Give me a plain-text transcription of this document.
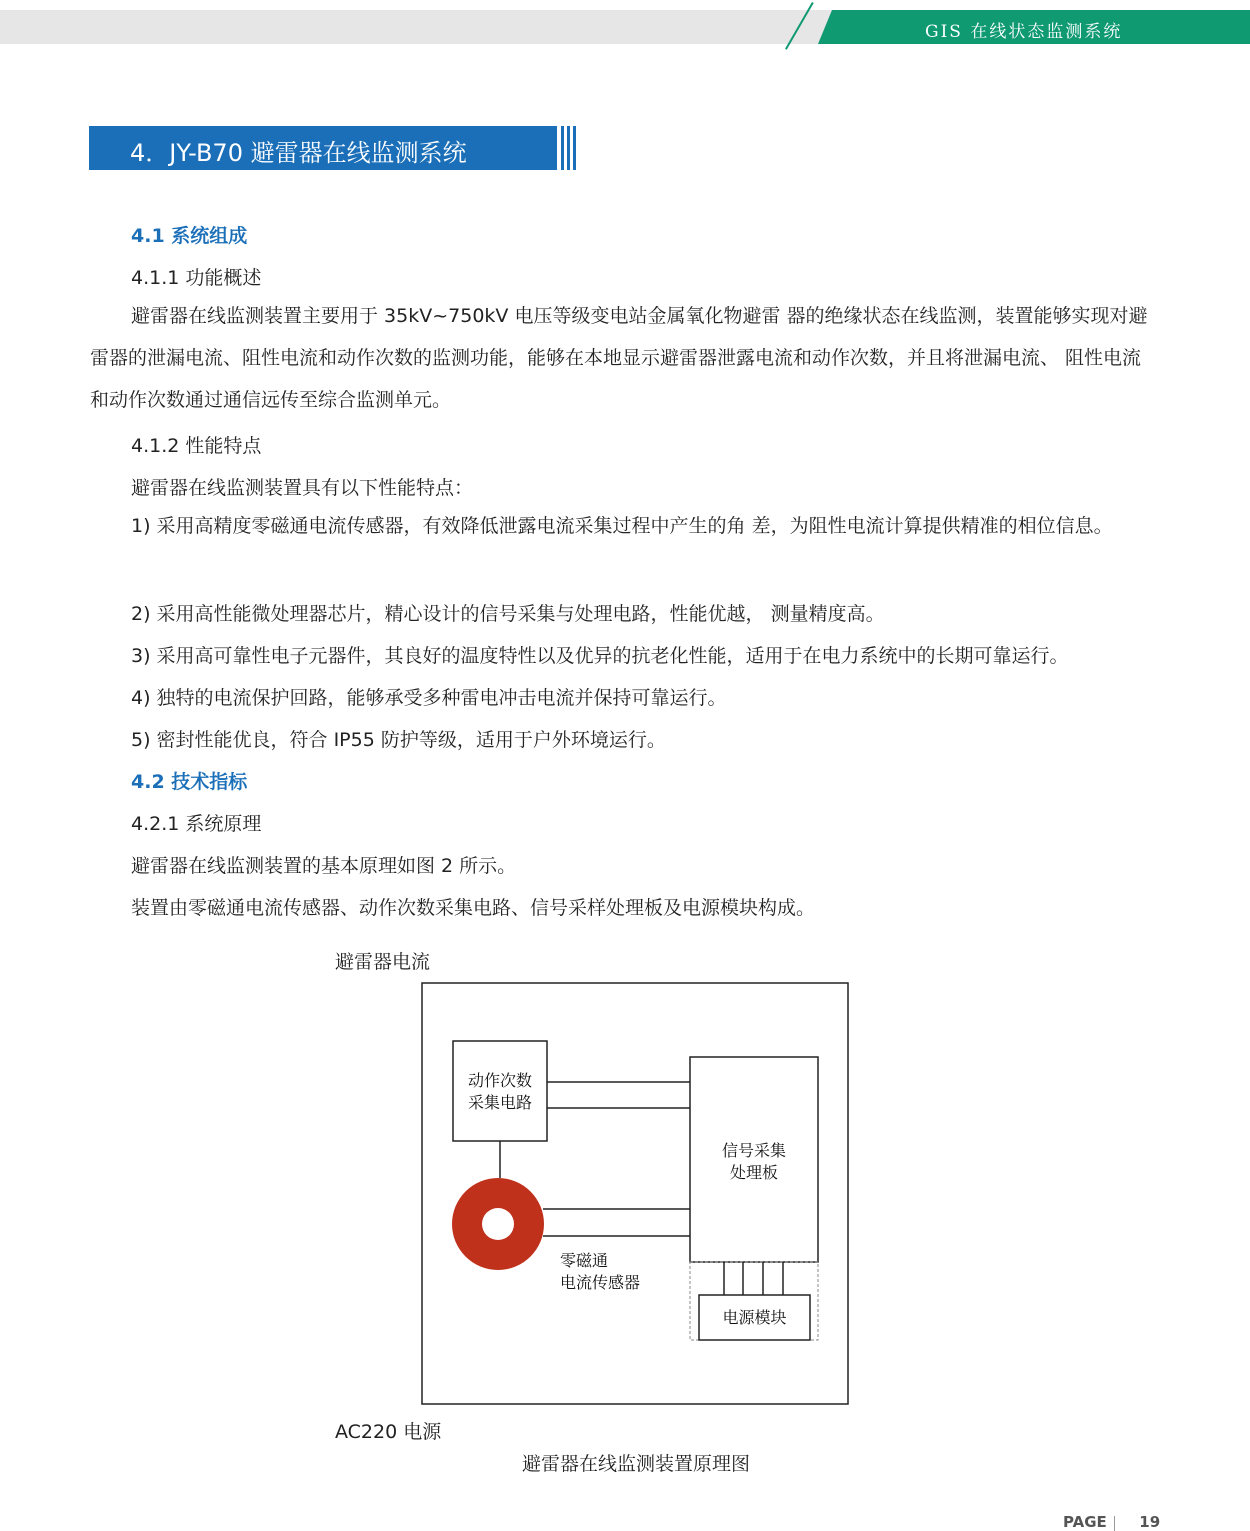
GIS 在线状态监测系统
4．JY-B70 避雷器在线监测系统
4.1 系统组成
4.1.1 功能概述
避雷器在线监测装置主要用于 35kV~750kV 电压等级变电站金属氧化物避雷 器的绝缘状态在线监测，装置能够实现对避雷器的泄漏电流、阻性电流和动作次数的监测功能，能够在本地显示避雷器泄露电流和动作次数，并且将泄漏电流、 阻性电流和动作次数通过通信远传至综合监测单元。
4.1.2 性能特点
避雷器在线监测装置具有以下性能特点：
1) 采用高精度零磁通电流传感器，有效降低泄露电流采集过程中产生的角 差，为阻性电流计算提供精准的相位信息。
2) 采用高性能微处理器芯片，精心设计的信号采集与处理电路，性能优越， 测量精度高。
3) 采用高可靠性电子元器件，其良好的温度特性以及优异的抗老化性能，适用于在电力系统中的长期可靠运行。
4) 独特的电流保护回路，能够承受多种雷电冲击电流并保持可靠运行。
5) 密封性能优良，符合 IP55 防护等级，适用于户外环境运行。
4.2 技术指标
4.2.1 系统原理
避雷器在线监测装置的基本原理如图 2 所示。
装置由零磁通电流传感器、动作次数采集电路、信号采样处理板及电源模块构成。
避雷器电流
动作次数
采集电路
信号采集
处理板
零磁通
电流传感器
电源模块
AC220 电源
避雷器在线监测装置原理图
PAGE 19
